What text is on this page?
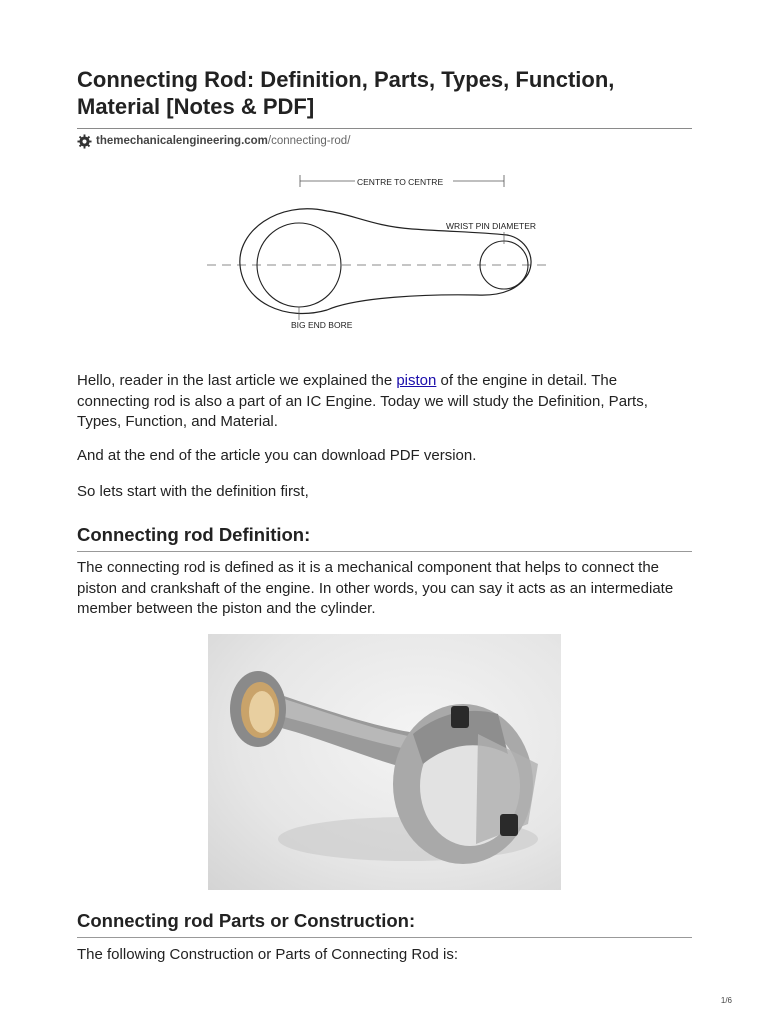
Connecting Rod: Definition, Parts, Types, Function, Material [Notes & PDF]
themechanicalengineering.com /connecting-rod/
CENTRE TO CENTRE
WRIST PIN DIAMETER
BIG END BORE

Hello, reader in the last article we explained the piston of the engine in detail. The connecting rod is also a part of an IC Engine. Today we will study the Definition, Parts, Types, Function, and Material.

And at the end of the article you can download PDF version.

So lets start with the definition first,

Connecting rod Definition:

The connecting rod is defined as it is a mechanical component that helps to connect the piston and crankshaft of the engine. In other words, you can say it acts as an intermediate member between the piston and the cylinder.

Connecting rod Parts or Construction:

The following Construction or Parts of Connecting Rod is:

1/6
